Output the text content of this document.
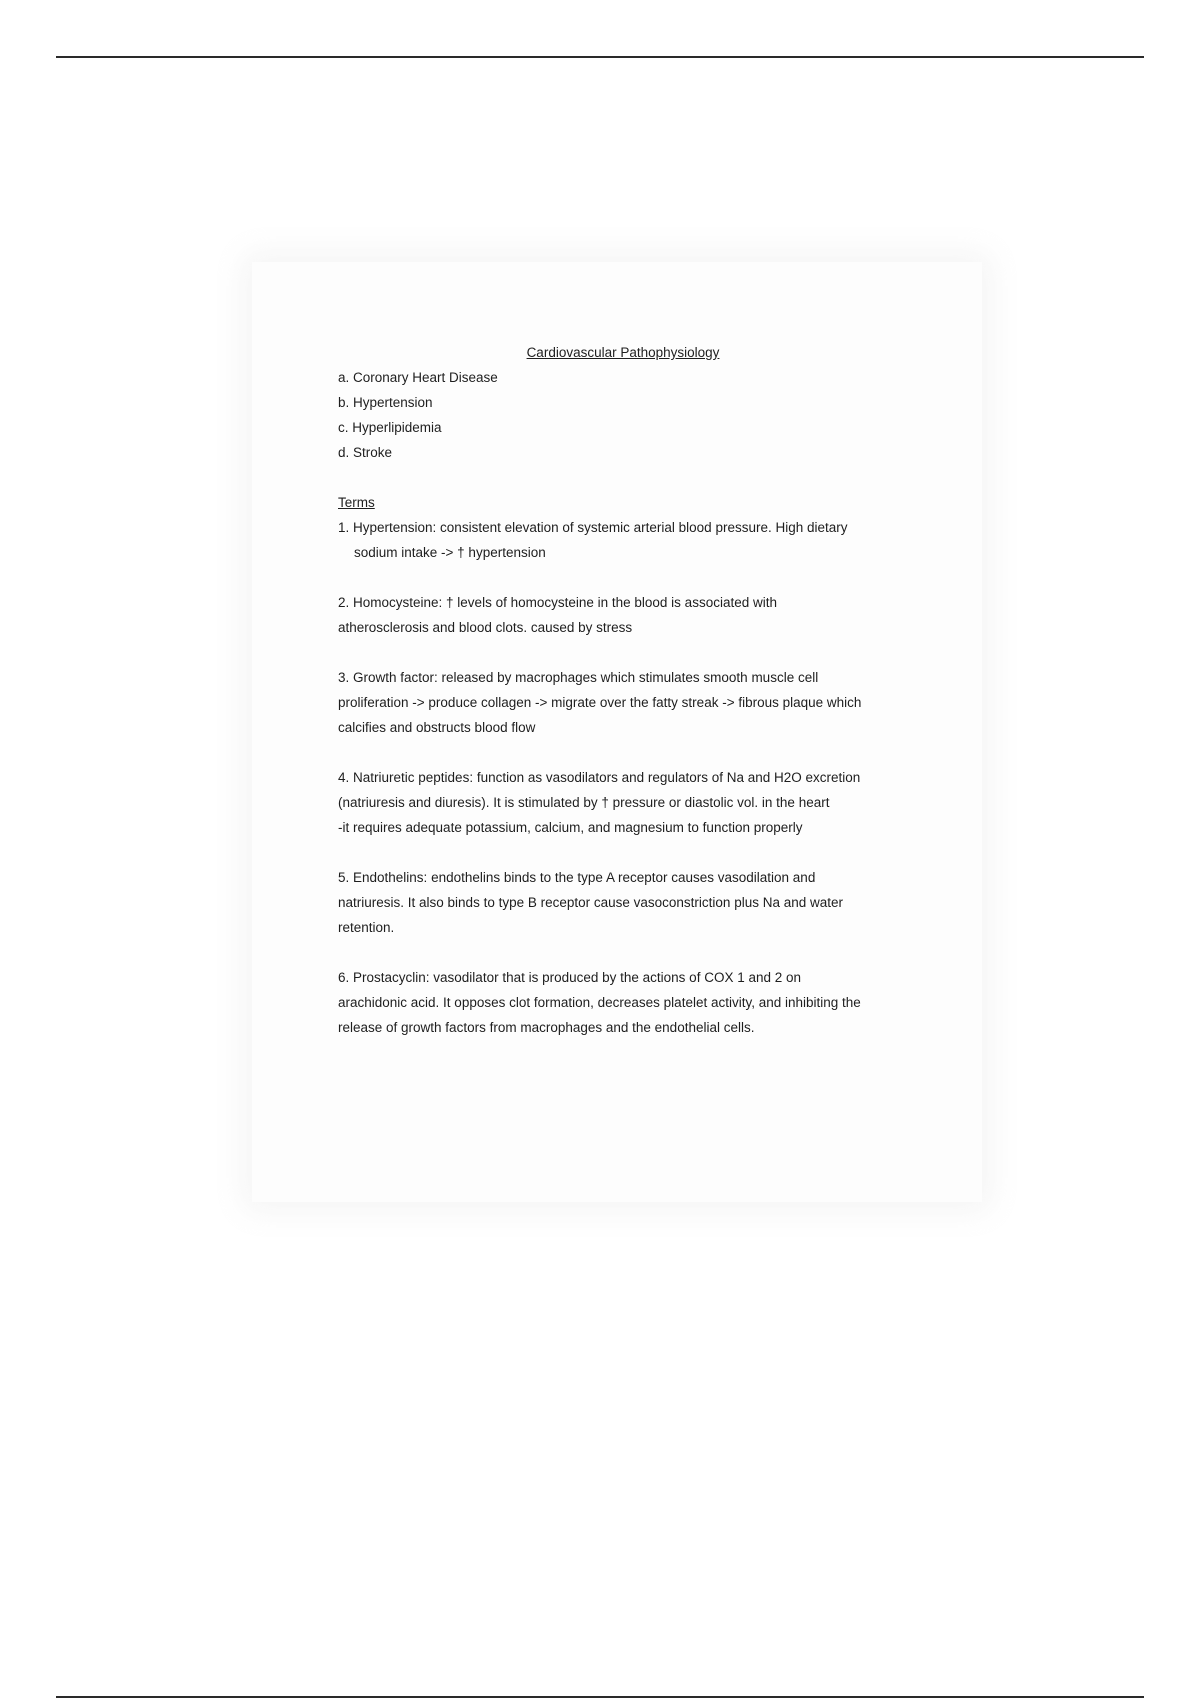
Cardiovascular Pathophysiology
a. Coronary Heart Disease
b. Hypertension
c. Hyperlipidemia
d. Stroke
Terms
1. Hypertension: consistent elevation of systemic arterial blood pressure. High dietary
sodium intake -> † hypertension
2. Homocysteine: † levels of homocysteine in the blood is associated with
atherosclerosis and blood clots. caused by stress
3. Growth factor: released by macrophages which stimulates smooth muscle cell
proliferation -> produce collagen -> migrate over the fatty streak -> fibrous plaque which
calcifies and obstructs blood flow
4. Natriuretic peptides: function as vasodilators and regulators of Na and H2O excretion
(natriuresis and diuresis). It is stimulated by † pressure or diastolic vol. in the heart
-it requires adequate potassium, calcium, and magnesium to function properly
5. Endothelins: endothelins binds to the type A receptor causes vasodilation and
natriuresis. It also binds to type B receptor cause vasoconstriction plus Na and water
retention.
6. Prostacyclin: vasodilator that is produced by the actions of COX 1 and 2 on
arachidonic acid. It opposes clot formation, decreases platelet activity, and inhibiting the
release of growth factors from macrophages and the endothelial cells.
